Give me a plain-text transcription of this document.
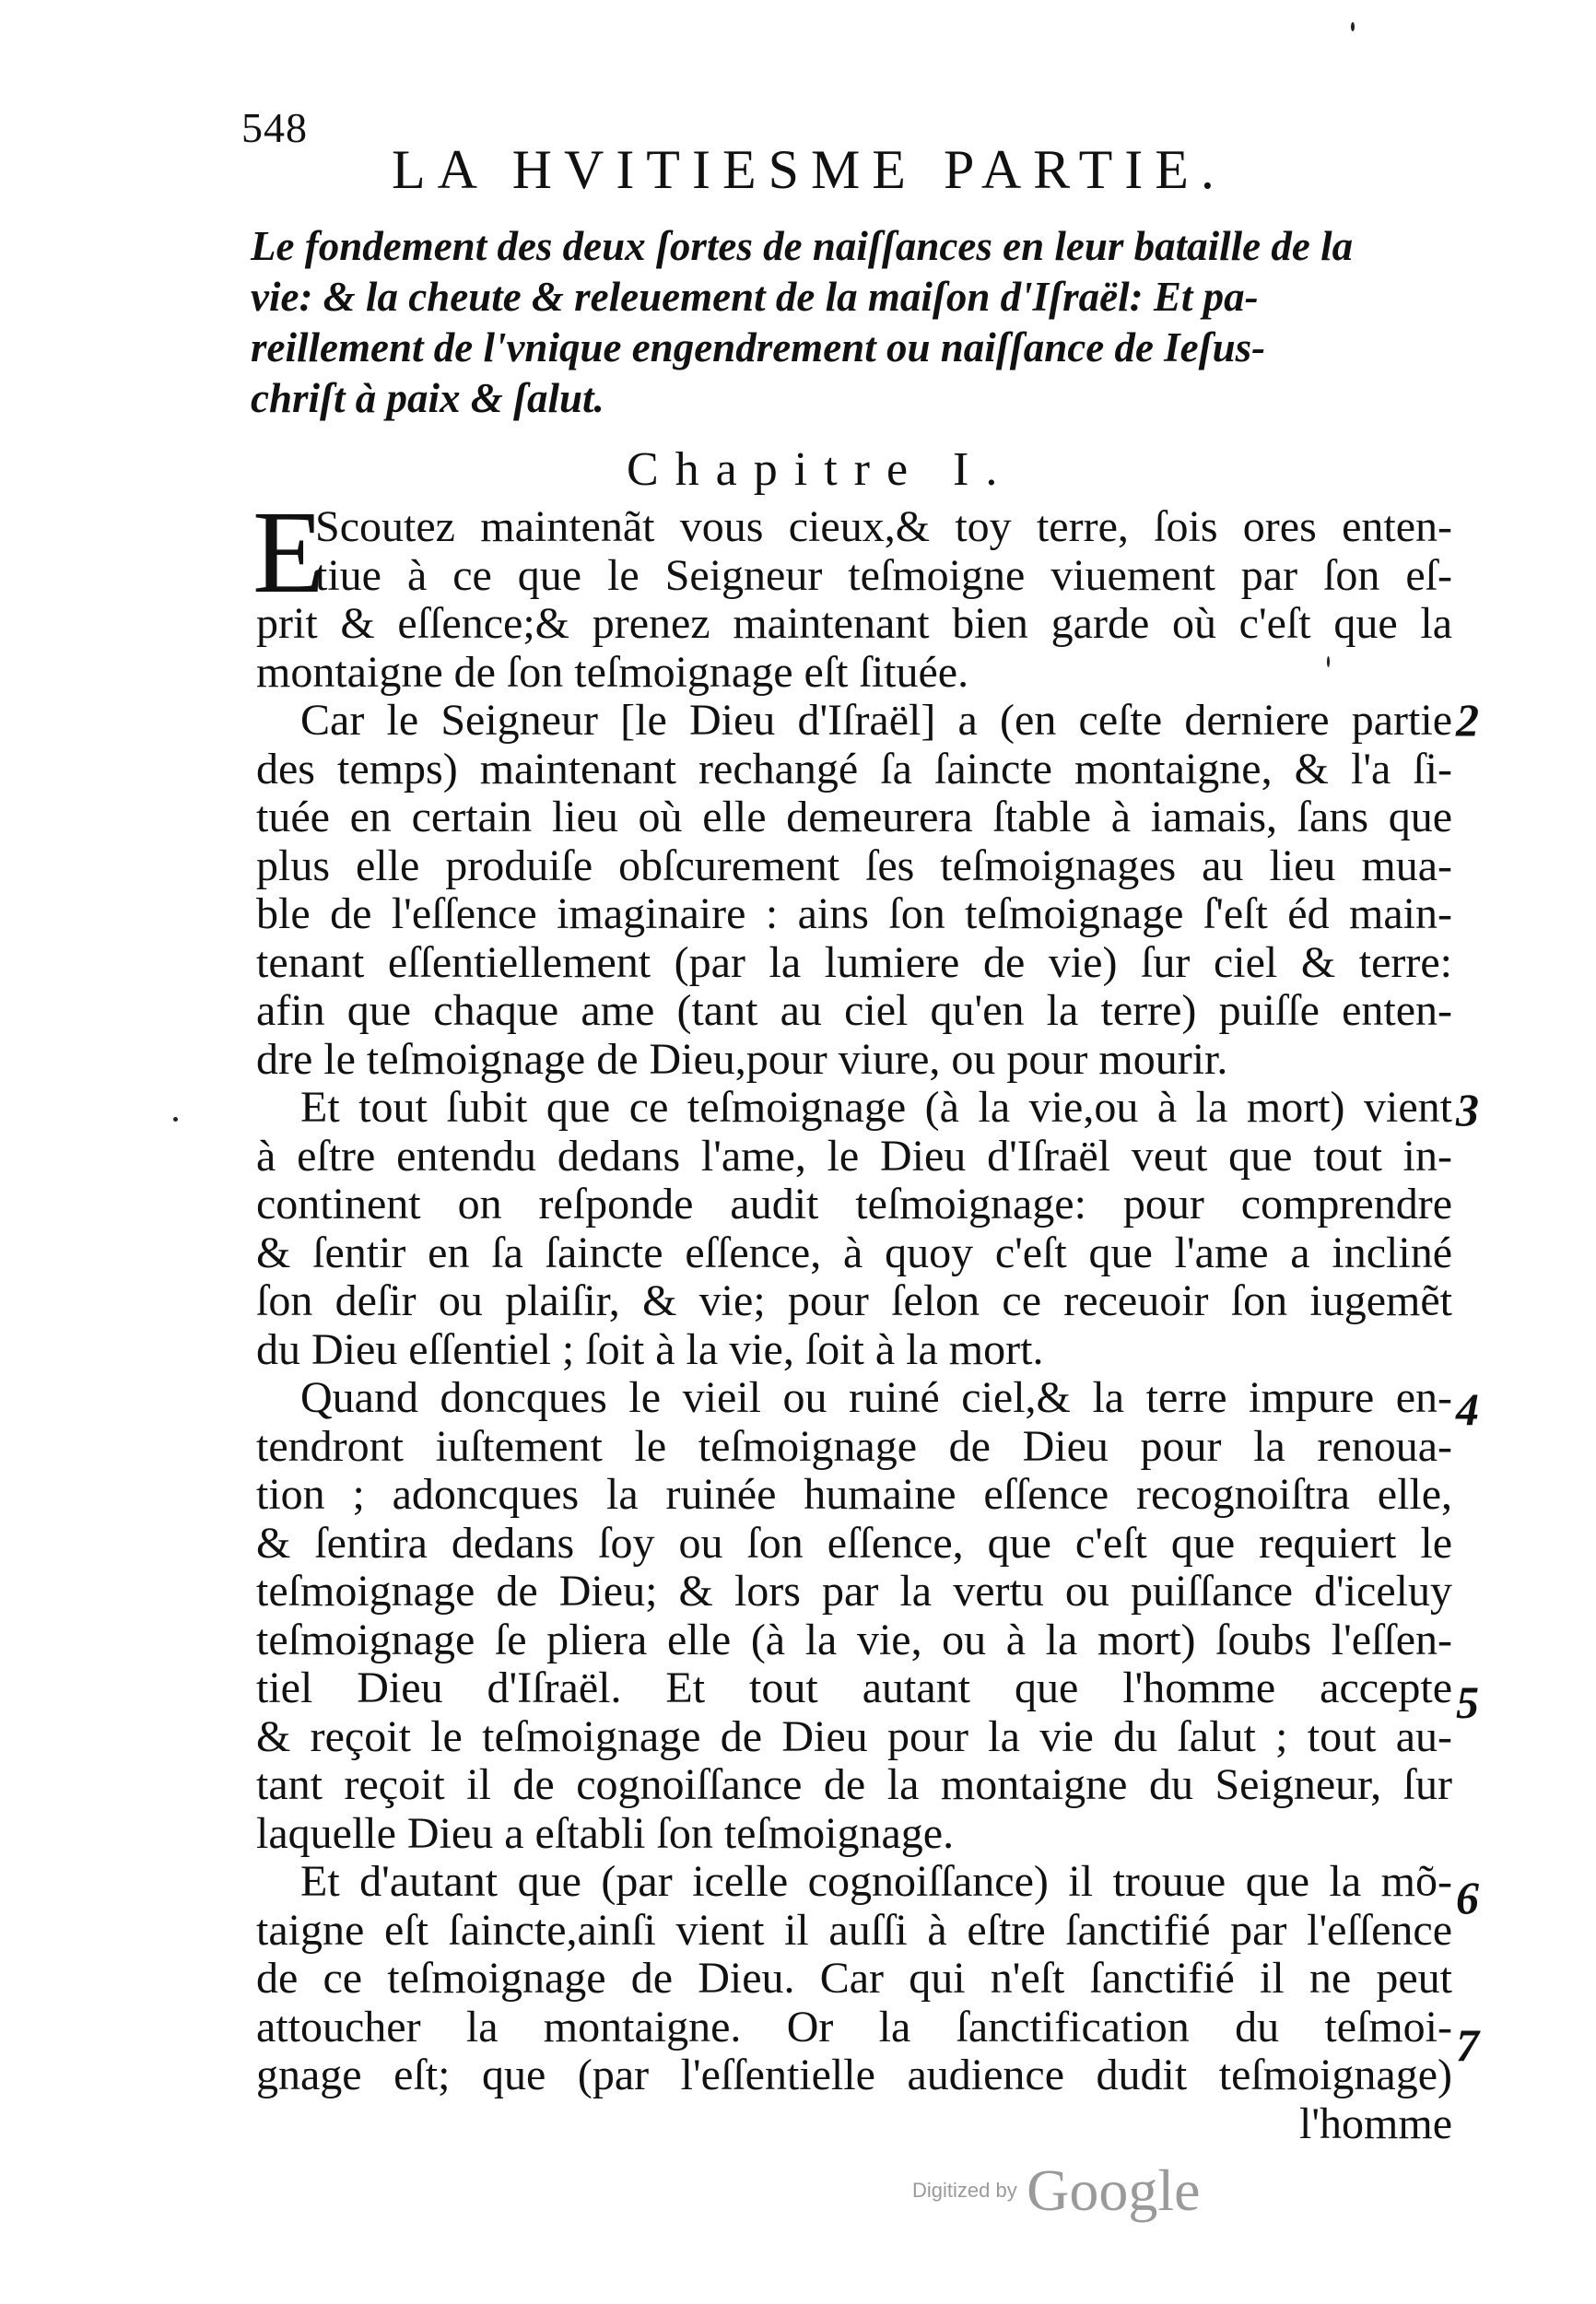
548
LA HVITIESME PARTIE.
Le fondement des deux ſortes de naiſſances en leur bataille de la
vie: & la cheute & releuement de la maiſon d'Iſraël: Et pa-
reillement de l'vnique engendrement ou naiſſance de Ieſus-
chriſt à paix & ſalut.
Chapitre I.
E
Scoutez maintenãt vous cieux,& toy terre, ſois ores enten-
tiue à ce que le Seigneur teſmoigne viuement par ſon eſ-
prit & eſſence;& prenez maintenant bien garde où c'eſt que la
montaigne de ſon teſmoignage eſt ſituée.
Car le Seigneur [le Dieu d'Iſraël] a (en ceſte derniere partie
des temps) maintenant rechangé ſa ſaincte montaigne, & l'a ſi-
tuée en certain lieu où elle demeurera ſtable à iamais, ſans que
plus elle produiſe obſcurement ſes teſmoignages au lieu mua-
ble de l'eſſence imaginaire : ains ſon teſmoignage ſ'eſt éd main-
tenant eſſentiellement (par la lumiere de vie) ſur ciel & terre:
afin que chaque ame (tant au ciel qu'en la terre) puiſſe enten-
dre le teſmoignage de Dieu,pour viure, ou pour mourir.
Et tout ſubit que ce teſmoignage (à la vie,ou à la mort) vient
à eſtre entendu dedans l'ame, le Dieu d'Iſraël veut que tout in-
continent on reſponde audit teſmoignage: pour comprendre
& ſentir en ſa ſaincte eſſence, à quoy c'eſt que l'ame a incliné
ſon deſir ou plaiſir, & vie; pour ſelon ce receuoir ſon iugemẽt
du Dieu eſſentiel ; ſoit à la vie, ſoit à la mort.
Quand doncques le vieil ou ruiné ciel,& la terre impure en-
tendront iuſtement le teſmoignage de Dieu pour la renoua-
tion ; adoncques la ruinée humaine eſſence recognoiſtra elle,
& ſentira dedans ſoy ou ſon eſſence, que c'eſt que requiert le
teſmoignage de Dieu; & lors par la vertu ou puiſſance d'iceluy
teſmoignage ſe pliera elle (à la vie, ou à la mort) ſoubs l'eſſen-
tiel Dieu d'Iſraël. Et tout autant que l'homme accepte
& reçoit le teſmoignage de Dieu pour la vie du ſalut ; tout au-
tant reçoit il de cognoiſſance de la montaigne du Seigneur, ſur
laquelle Dieu a eſtabli ſon teſmoignage.
Et d'autant que (par icelle cognoiſſance) il trouue que la mõ-
taigne eſt ſaincte,ainſi vient il auſſi à eſtre ſanctifié par l'eſſence
de ce teſmoignage de Dieu. Car qui n'eſt ſanctifié il ne peut
attoucher la montaigne. Or la ſanctification du teſmoi-
gnage eſt; que (par l'eſſentielle audience dudit teſmoignage)
l'homme
2
3
4
5
6
7
Digitized by Google
